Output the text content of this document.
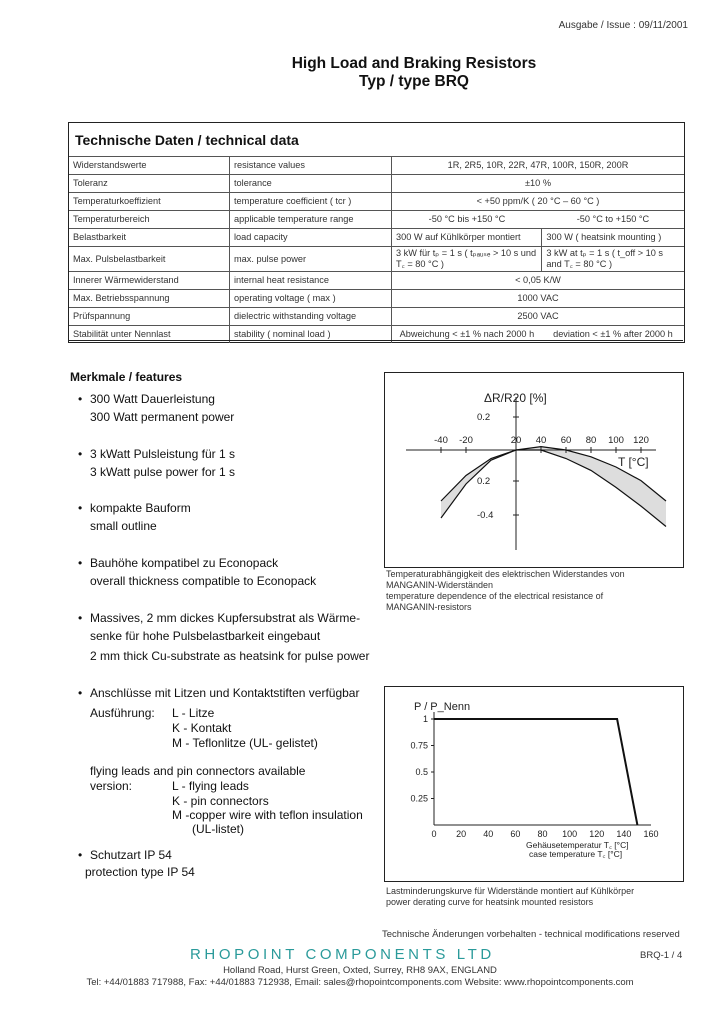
Ausgabe / Issue : 09/11/2001
High Load and Braking Resistors
Typ / type BRQ
Technische Daten / technical data
Widerstandswerte	resistance values	1R, 2R5, 10R, 22R, 47R, 100R, 150R, 200R	
Toleranz	tolerance	±10 %	
Temperaturkoeffizient	temperature coefficient ( tcr )	< +50 ppm/K ( 20 °C – 60 °C )	
Temperaturbereich	applicable temperature range	-50 °C bis +150 °C	-50 °C to +150 °C
Belastbarkeit	load capacity	300 W auf Kühlkörper montiert	300 W ( heatsink mounting )
Max. Pulsbelastbarkeit	max. pulse power	3 kW für tₚ = 1 s ( tₚₐᵤₛₑ > 10 s und T꜀ = 80 °C )	3 kW at tₚ = 1 s ( t_off > 10 s and T꜀ = 80 °C )
Innerer Wärmewiderstand	internal heat resistance	< 0,05 K/W	
Max. Betriebsspannung	operating voltage ( max )	1000 VAC	
Prüfspannung	dielectric withstanding voltage	2500 VAC	
Stabilität unter Nennlast	stability ( nominal load )	Abweichung < ±1 % nach 2000 h	deviation < ±1 % after 2000 h
Merkmale / features
• 300 Watt Dauerleistung
300 Watt permanent power
• 3 kWatt Pulsleistung für 1 s
3 kWatt pulse power for 1 s
• kompakte Bauform
small outline
• Bauhöhe kompatibel zu Econopack
overall thickness compatible to Econopack
• Massives, 2 mm dickes Kupfersubstrat als Wärme-
senke für hohe Pulsbelastbarkeit eingebaut
2 mm thick Cu-substrate as heatsink for pulse power
• Anschlüsse mit Litzen und Kontaktstiften verfügbar
Ausführung: L - Litze
K - Kontakt
M - Teflonlitze (UL- gelistet)
flying leads and pin connectors available
version:	L - flying leads
K - pin connectors
M -copper wire with teflon insulation
(UL-listet)
• Schutzart IP 54
protection type IP 54
-40 -20	20 40 60 80 100 120
0.2
0.2
-0.4
ΔR/R20 [%]
T [°C]
Temperaturabhängigkeit des elektrischen Widerstandes von
MANGANIN-Widerständen
temperature dependence of the electrical resistance of
MANGANIN-resistors
0 20 40 60 80 100 120 140 160
1
0.75
0.5
0.25
P / P_Nenn
Gehäusetemperatur T꜀ [°C]
case temperature T꜀ [°C]
Lastminderungskurve für Widerstände montiert auf Kühlkörper
power derating curve for heatsink mounted resistors
Technische Änderungen vorbehalten - technical modifications reserved
RHOPOINT COMPONENTS LTD	BRQ-1 / 4
Holland Road, Hurst Green, Oxted, Surrey, RH8 9AX, ENGLAND
Tel: +44/01883 717988, Fax: +44/01883 712938, Email: sales@rhopointcomponents.com Website: www.rhopointcomponents.com
